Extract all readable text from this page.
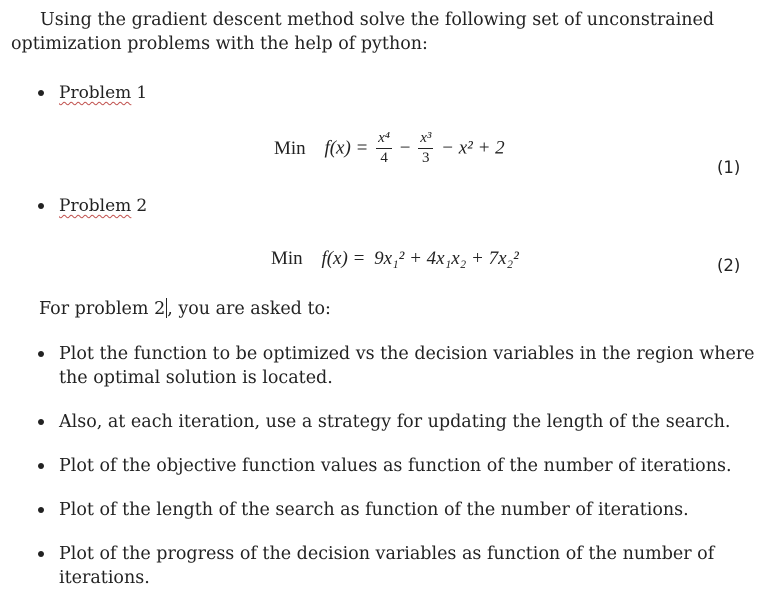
Using the gradient descent method solve the following set of unconstrained
optimization problems with the help of python:
Problem 1
Min $f(x) = \frac{\text{x⁴}}{4} - \frac{\text{x³}}{3} - x^2 + 2$
(1)
Problem 2
Min f(x) = 9x₁² + 4x₁x₂ + 7x₂²	(2)
For problem 2 , you are asked to:
Plot the function to be optimized vs the decision variables in the region where
the optimal solution is located.
Also, at each iteration, use a strategy for updating the length of the search.
Plot of the objective function values as function of the number of iterations.
Plot of the length of the search as function of the number of iterations.
Plot of the progress of the decision variables as function of the number of
iterations.
